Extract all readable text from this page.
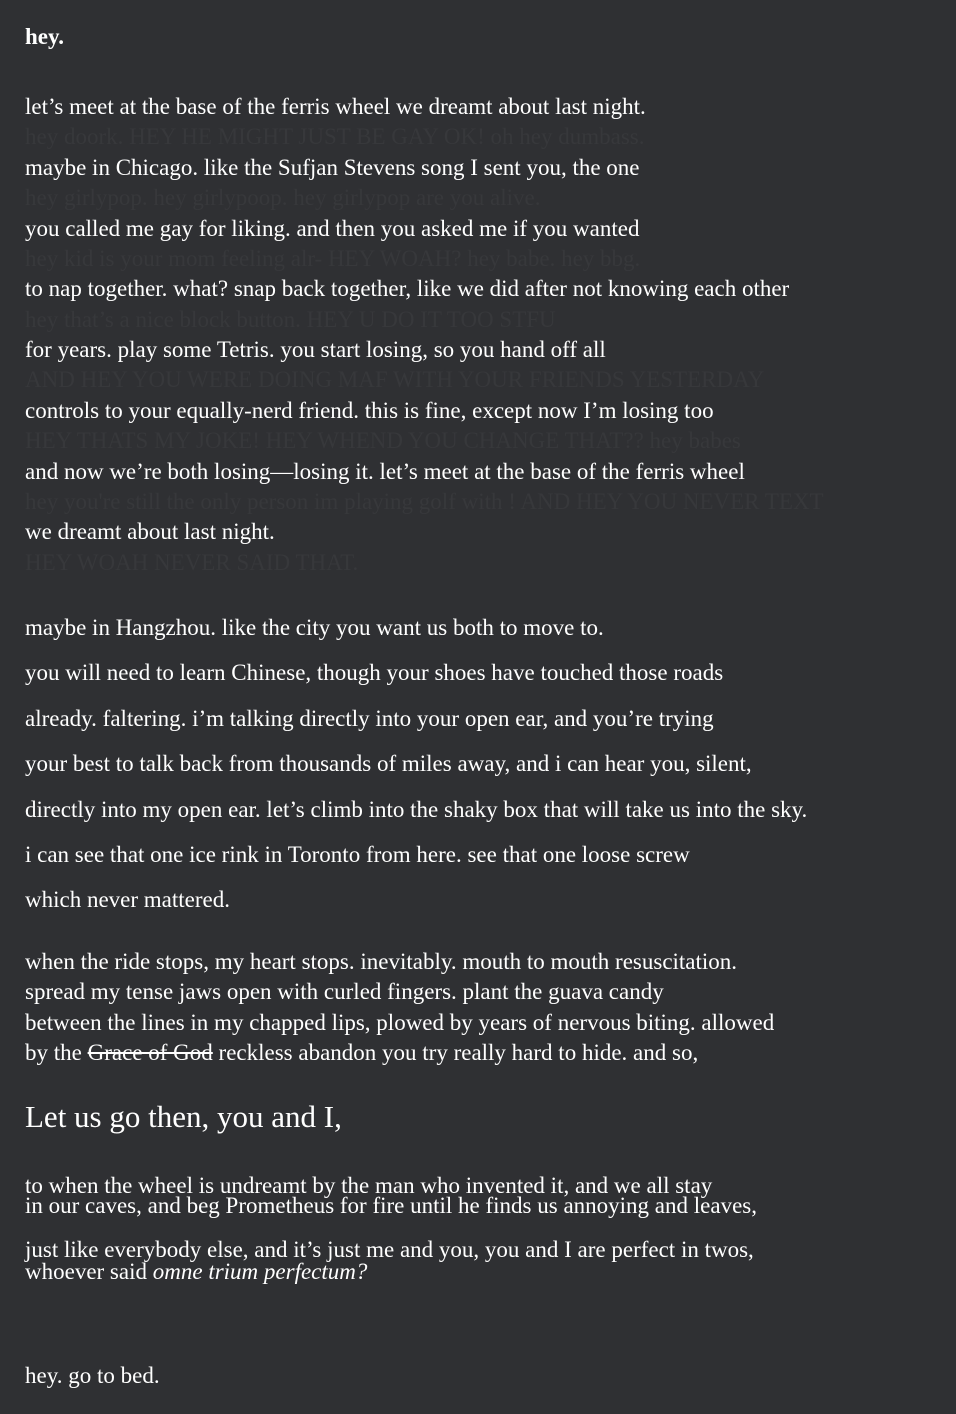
hey.
let’s meet at the base of the ferris wheel we dreamt about last night.
hey doork. HEY HE MIGHT JUST BE GAY OK! oh hey dumbass.
maybe in Chicago. like the Sufjan Stevens song I sent you, the one
hey girlypop. hey girlypoop. hey girlypop are you alive.
you called me gay for liking. and then you asked me if you wanted
hey kid is your mom feeling alr- HEY WOAH? hey babe. hey bbg.
to nap together. what? snap back together, like we did after not knowing each other
hey that’s a nice block button. HEY U DO IT TOO STFU
for years. play some Tetris. you start losing, so you hand off all
AND HEY YOU WERE DOING MAF WITH YOUR FRIENDS YESTERDAY
controls to your equally-nerd friend. this is fine, except now I’m losing too
HEY THATS MY JOKE! HEY WHEND YOU CHANGE THAT?? hey babes
and now we’re both losing—losing it. let’s meet at the base of the ferris wheel
hey you're still the only person im playing golf with ! AND HEY YOU NEVER TEXT
we dreamt about last night.
HEY WOAH NEVER SAID THAT.
maybe in Hangzhou. like the city you want us both to move to.
you will need to learn Chinese, though your shoes have touched those roads
already. faltering. i’m talking directly into your open ear, and you’re trying
your best to talk back from thousands of miles away, and i can hear you, silent,
directly into my open ear. let’s climb into the shaky box that will take us into the sky.
i can see that one ice rink in Toronto from here. see that one loose screw
which never mattered.
when the ride stops, my heart stops. inevitably. mouth to mouth resuscitation.
spread my tense jaws open with curled fingers. plant the guava candy
between the lines in my chapped lips, plowed by years of nervous biting. allowed
by the Grace of God reckless abandon you try really hard to hide. and so,
Let us go then, you and I,
to when the wheel is undreamt by the man who invented it, and we all stay
in our caves, and beg Prometheus for fire until he finds us annoying and leaves,
just like everybody else, and it’s just me and you, you and I are perfect in twos,
whoever said omne trium perfectum?
hey. go to bed.
